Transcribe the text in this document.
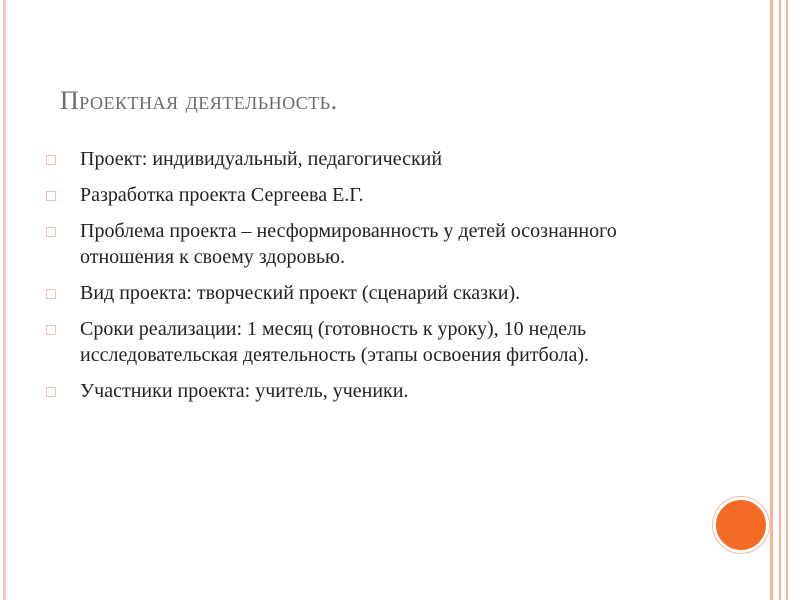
Проектная деятельность.
Проект: индивидуальный, педагогический
Разработка проекта Сергеева Е.Г.
Проблема проекта – несформированность у детей осознанного отношения к своему здоровью.
Вид проекта: творческий проект (сценарий сказки).
Сроки реализации: 1 месяц (готовность к уроку), 10 недель исследовательская деятельность (этапы освоения фитбола).
Участники проекта: учитель, ученики.
